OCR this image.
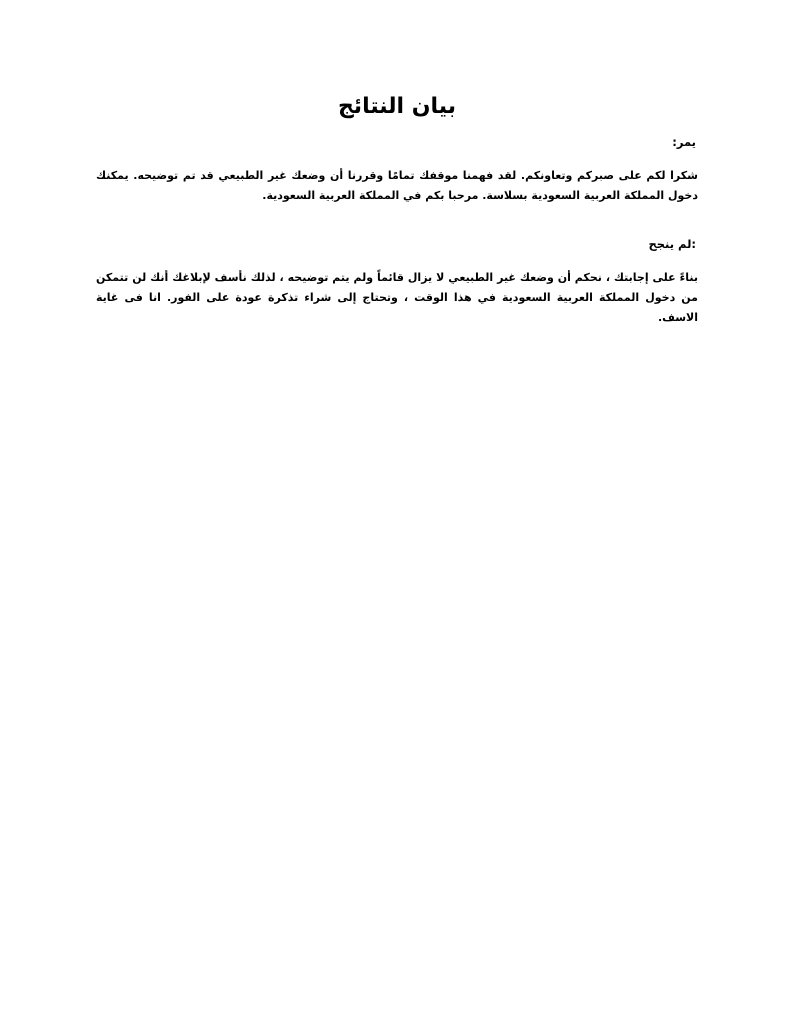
بيان النتائج

يمر:

شكرا لكم على صبركم وتعاونكم. لقد فهمنا موقفك تمامًا وقررنا أن وضعك غير الطبيعي قد تم توضيحه. يمكنك دخول المملكة العربية السعودية بسلاسة. مرحبا بكم في المملكة العربية السعودية.

:لم ينجح

بناءً على إجابتك ، نحكم أن وضعك غير الطبيعي لا يزال قائماً ولم يتم توضيحه ، لذلك نأسف لإبلاغك أنك لن تتمكن من دخول المملكة العربية السعودية في هذا الوقت ، وتحتاج إلى شراء تذكرة عودة على الفور. انا فى غاية الاسف.
